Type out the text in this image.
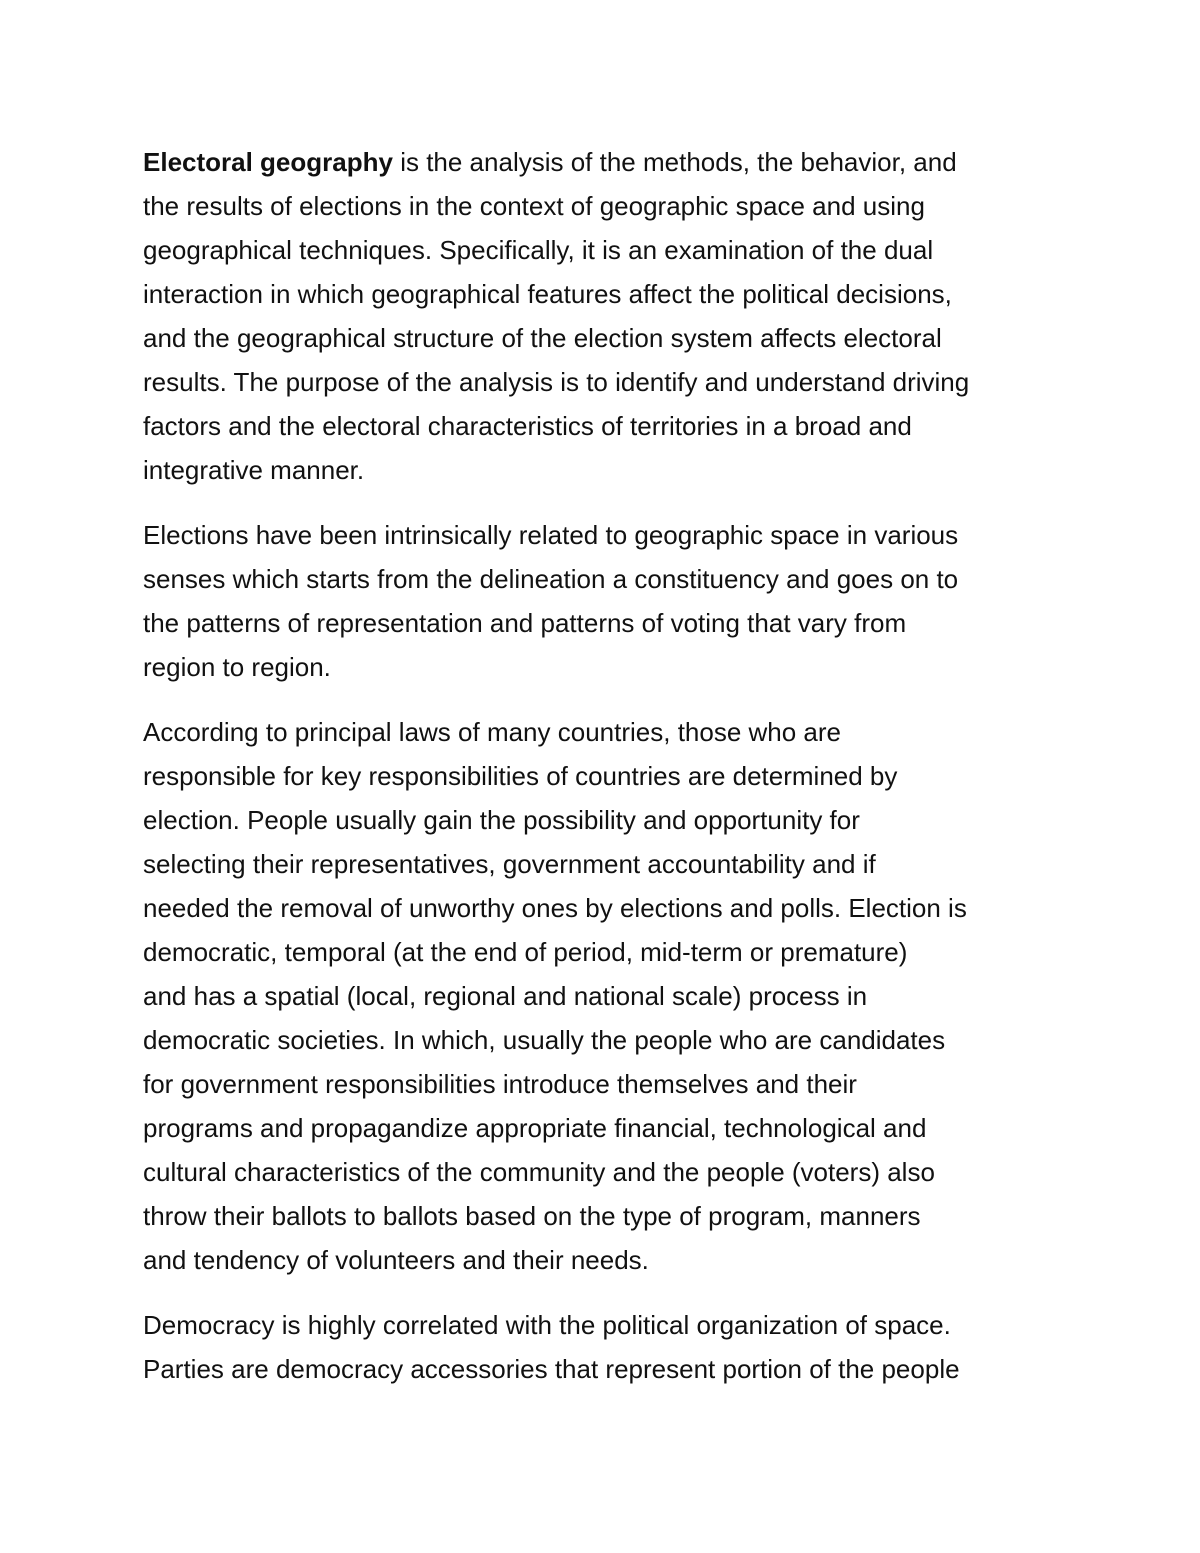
Electoral geography is the analysis of the methods, the behavior, and
the results of elections in the context of geographic space and using
geographical techniques. Specifically, it is an examination of the dual
interaction in which geographical features affect the political decisions,
and the geographical structure of the election system affects electoral
results. The purpose of the analysis is to identify and understand driving
factors and the electoral characteristics of territories in a broad and
integrative manner.

Elections have been intrinsically related to geographic space in various
senses which starts from the delineation a constituency and goes on to
the patterns of representation and patterns of voting that vary from
region to region.

According to principal laws of many countries, those who are
responsible for key responsibilities of countries are determined by
election. People usually gain the possibility and opportunity for
selecting their representatives, government accountability and if
needed the removal of unworthy ones by elections and polls. Election is
democratic, temporal (at the end of period, mid-term or premature)
and has a spatial (local, regional and national scale) process in
democratic societies. In which, usually the people who are candidates
for government responsibilities introduce themselves and their
programs and propagandize appropriate financial, technological and
cultural characteristics of the community and the people (voters) also
throw their ballots to ballots based on the type of program, manners
and tendency of volunteers and their needs.

Democracy is highly correlated with the political organization of space.
Parties are democracy accessories that represent portion of the people
